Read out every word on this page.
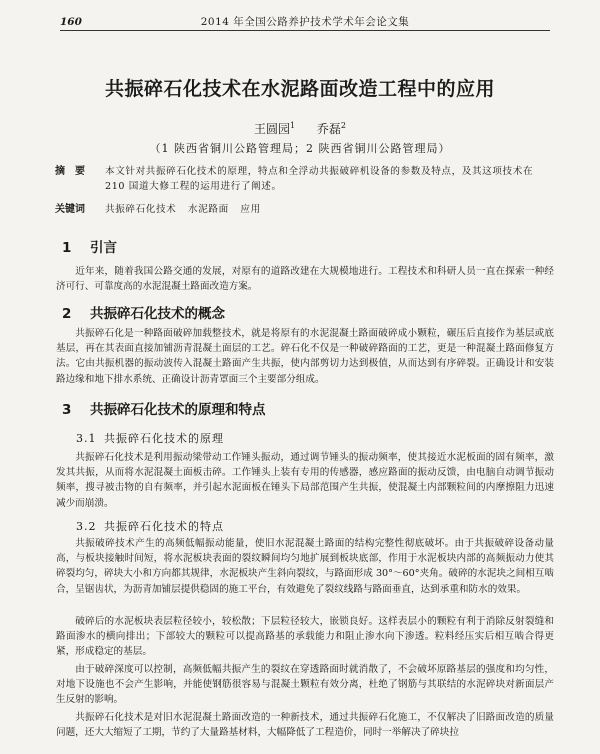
160	2014 年全国公路养护技术学术年会论文集
共振碎石化技术在水泥路面改造工程中的应用
王圆园$^1$ 乔磊$^2$
（1 陕西省铜川公路管理局；2 陕西省铜川公路管理局）
摘　要 本文针对共振碎石化技术的原理，特点和全浮动共振破碎机设备的参数及特点，及其这项技术在 210 国道大修工程的运用进行了阐述。
关键词 共振碎石化技术 水泥路面 应用
1 引言
近年来，随着我国公路交通的发展，对原有的道路改建在大规模地进行。工程技术和科研人员一直在探索一种经济可行、可靠度高的水泥混凝土路面改造方案。
2 共振碎石化技术的概念
共振碎石化是一种路面破碎加载整技术，就是将原有的水泥混凝土路面破碎成小颗粒，碾压后直接作为基层或底基层，再在其表面直接加铺沥青混凝土面层的工艺。碎石化不仅是一种破碎路面的工艺，更是一种混凝土路面修复方法。它由共振机器的振动波传入混凝土路面产生共振，使内部剪切力达到极值，从而达到有序碎裂。正确设计和安装路边缘和地下排水系统、正确设计沥青罩面三个主要部分组成。
3 共振碎石化技术的原理和特点
3.1 共振碎石化技术的原理
共振碎石化技术是利用振动梁带动工作锤头振动，通过调节锤头的振动频率，使其接近水泥板面的固有频率，激发其共振，从而将水泥混凝土面板击碎。工作锤头上装有专用的传感器，感应路面的振动反馈，由电脑自动调节振动频率，搜寻被击物的自有频率，并引起水泥面板在锤头下局部范围产生共振，使混凝土内部颗粒间的内摩擦阻力迅速减少而崩溃。
3.2 共振碎石化技术的特点
共振破碎技术产生的高频低幅振动能量，使旧水泥混凝土路面的结构完整性彻底破坏。由于共振破碎设备动量高，与板块接触时间短，将水泥板块表面的裂纹瞬间均匀地扩展到板块底部，作用于水泥板块内部的高频振动力使其碎裂均匀，碎块大小和方向都其规律，水泥板块产生斜向裂纹，与路面形成 30°～60°夹角。破碎的水泥块之间相互啮合，呈锯齿状，为沥青加铺层提供稳固的施工平台，有效避免了裂纹线路与路面垂直，达到承重和防水的效果。
破碎后的水泥板块表层粒径较小，较松散；下层粒径较大，嵌锁良好。这样表层小的颗粒有利于消除反射裂缝和路面渗水的横向排出；下部较大的颗粒可以提高路基的承载能力和阻止渗水向下渗透。粒料经压实后相互啮合得更紧，形成稳定的基层。
由于破碎深度可以控制，高频低幅共振产生的裂纹在穿透路面时就消散了，不会破坏原路基层的强度和均匀性，对地下设施也不会产生影响，并能使钢筋很容易与混凝土颗粒有效分离，杜绝了钢筋与其联结的水泥碎块对新面层产生反射的影响。
共振碎石化技术是对旧水泥混凝土路面改造的一种新技术，通过共振碎石化施工，不仅解决了旧路面改造的质量问题，还大大缩短了工期，节约了大量路基材料，大幅降低了工程造价，同时一举解决了碎块拉
